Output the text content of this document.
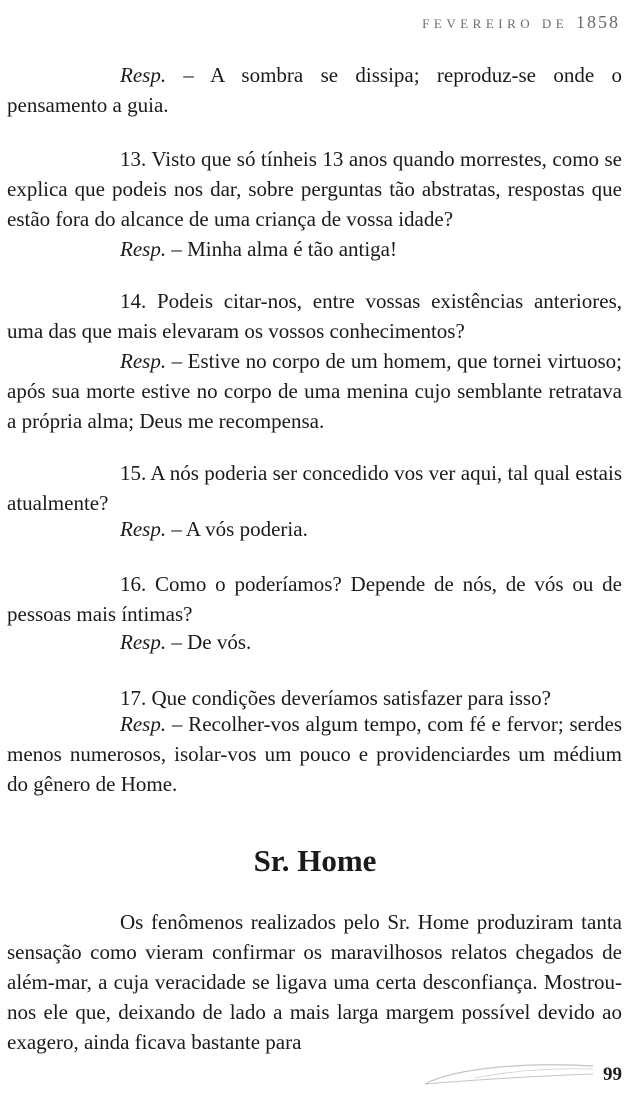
FEVEREIRO DE 1858

Resp. – A sombra se dissipa; reproduz-se onde o pensamento a guia.

13. Visto que só tínheis 13 anos quando morrestes, como se explica que podeis nos dar, sobre perguntas tão abstratas, respostas que estão fora do alcance de uma criança de vossa idade?

Resp. – Minha alma é tão antiga!

14. Podeis citar-nos, entre vossas existências anteriores, uma das que mais elevaram os vossos conhecimentos?

Resp. – Estive no corpo de um homem, que tornei virtuoso; após sua morte estive no corpo de uma menina cujo semblante retratava a própria alma; Deus me recompensa.

15. A nós poderia ser concedido vos ver aqui, tal qual estais atualmente?

Resp. – A vós poderia.

16. Como o poderíamos? Depende de nós, de vós ou de pessoas mais íntimas?

Resp. – De vós.

17. Que condições deveríamos satisfazer para isso?

Resp. – Recolher-vos algum tempo, com fé e fervor; serdes menos numerosos, isolar-vos um pouco e providenciardes um médium do gênero de Home.

Sr. Home

Os fenômenos realizados pelo Sr. Home produziram tanta sensação como vieram confirmar os maravilhosos relatos chegados de além-mar, a cuja veracidade se ligava uma certa desconfiança. Mostrou-nos ele que, deixando de lado a mais larga margem possível devido ao exagero, ainda ficava bastante para

99
